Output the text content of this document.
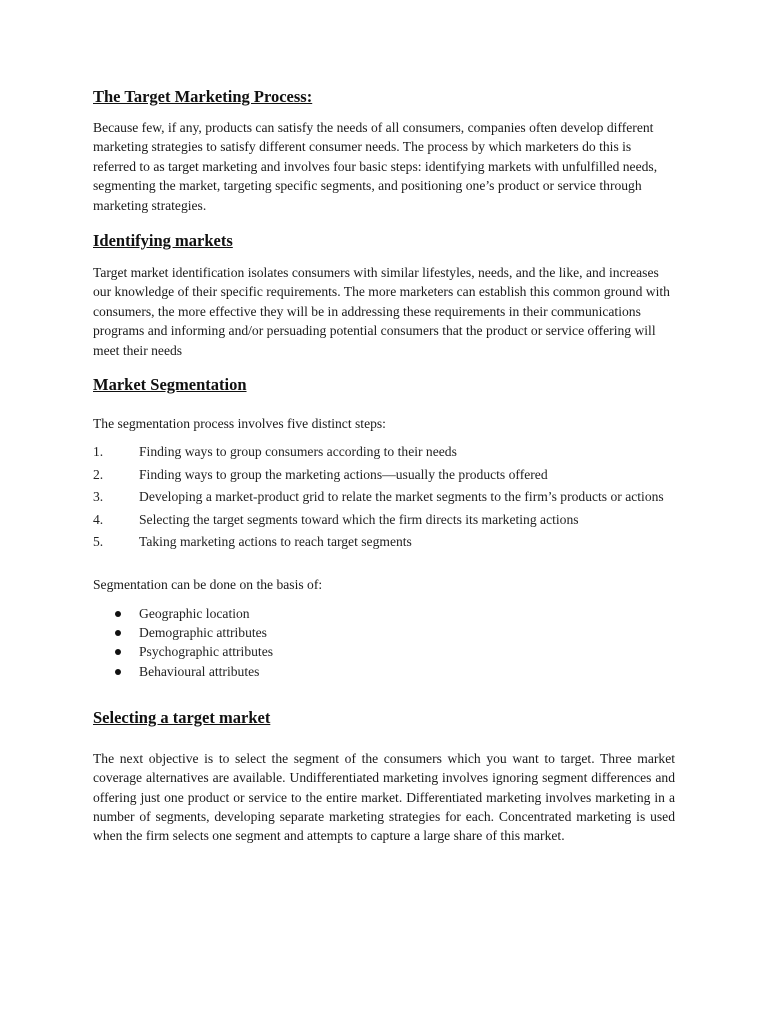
The Target Marketing Process:

Because few, if any, products can satisfy the needs of all consumers, companies often develop different marketing strategies to satisfy different consumer needs. The process by which marketers do this is referred to as target marketing and involves four basic steps: identifying markets with unfulfilled needs, segmenting the market, targeting specific segments, and positioning one’s product or service through marketing strategies.

Identifying markets

Target market identification isolates consumers with similar lifestyles, needs, and the like, and increases our knowledge of their specific requirements. The more marketers can establish this common ground with consumers, the more effective they will be in addressing these requirements in their communications programs and informing and/or persuading potential consumers that the product or service offering will meet their needs

Market Segmentation

The segmentation process involves five distinct steps:

1.	Finding ways to group consumers according to their needs
2.	Finding ways to group the marketing actions—usually the products offered
3.	Developing a market-product grid to relate the market segments to the firm’s products or actions
4.	Selecting the target segments toward which the firm directs its marketing actions
5.	Taking marketing actions to reach target segments

Segmentation can be done on the basis of:

Geographic location
Demographic attributes
Psychographic attributes
Behavioural attributes
Selecting a target market

The next objective is to select the segment of the consumers which you want to target. Three market coverage alternatives are available. Undifferentiated marketing involves ignoring segment differences and offering just one product or service to the entire market. Differentiated marketing involves marketing in a number of segments, developing separate marketing strategies for each. Concentrated marketing is used when the firm selects one segment and attempts to capture a large share of this market.
